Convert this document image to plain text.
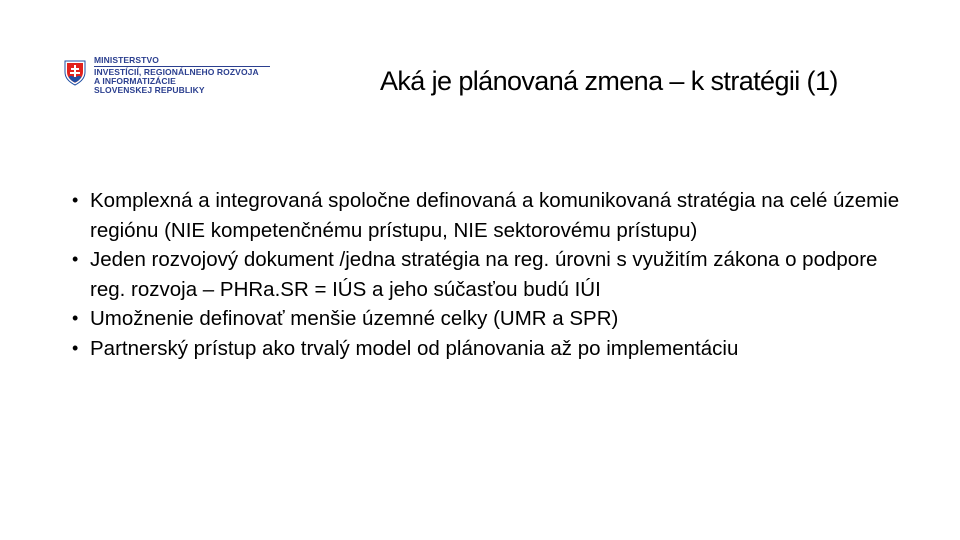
MINISTERSTVO
INVESTÍCIÍ, REGIONÁLNEHO ROZVOJA
A INFORMATIZÁCIE
SLOVENSKEJ REPUBLIKY	Aká je plánovaná zmena – k stratégii (1)
• Komplexná a integrovaná spoločne definovaná a komunikovaná stratégia na celé územie regiónu (NIE kompetenčnému prístupu, NIE sektorovému prístupu)
• Jeden rozvojový dokument /jedna stratégia na reg. úrovni s využitím zákona o podpore reg. rozvoja – PHRa.SR = IÚS a jeho súčasťou budú IÚI
• Umožnenie definovať menšie územné celky (UMR a SPR)
• Partnerský prístup ako trvalý model od plánovania až po implementáciu
